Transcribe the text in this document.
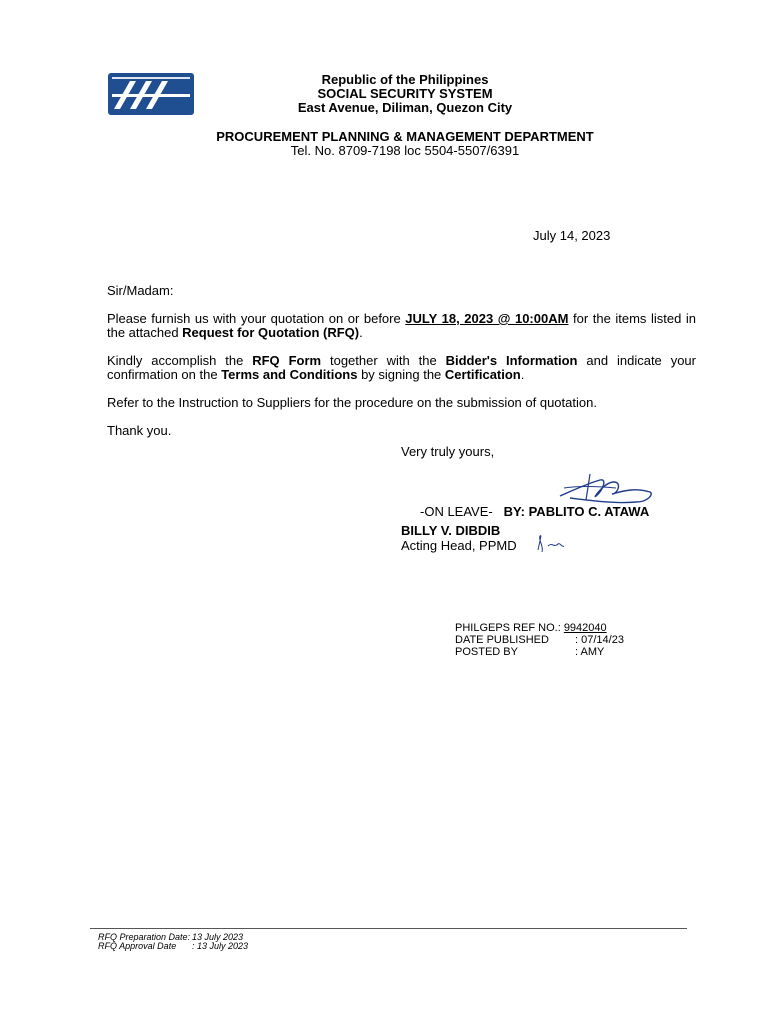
Republic of the Philippines
SOCIAL SECURITY SYSTEM
East Avenue, Diliman, Quezon City
PROCUREMENT PLANNING & MANAGEMENT DEPARTMENT
Tel. No. 8709-7198 loc 5504-5507/6391
July 14, 2023
Sir/Madam:
Please furnish us with your quotation on or before JULY 18, 2023 @ 10:00AM for the items listed in the attached Request for Quotation (RFQ).
Kindly accomplish the RFQ Form together with the Bidder's Information and indicate your confirmation on the Terms and Conditions by signing the Certification.
Refer to the Instruction to Suppliers for the procedure on the submission of quotation.
Thank you.
Very truly yours,
-ON LEAVE- BY: PABLITO C. ATAWA
BILLY V. DIBDIB
Acting Head, PPMD
PHILGEPS REF NO.: 9942040
DATE PUBLISHED : 07/14/23
POSTED BY	: AMY
RFQ Preparation Date: 13 July 2023
RFQ Approval Date : 13 July 2023
